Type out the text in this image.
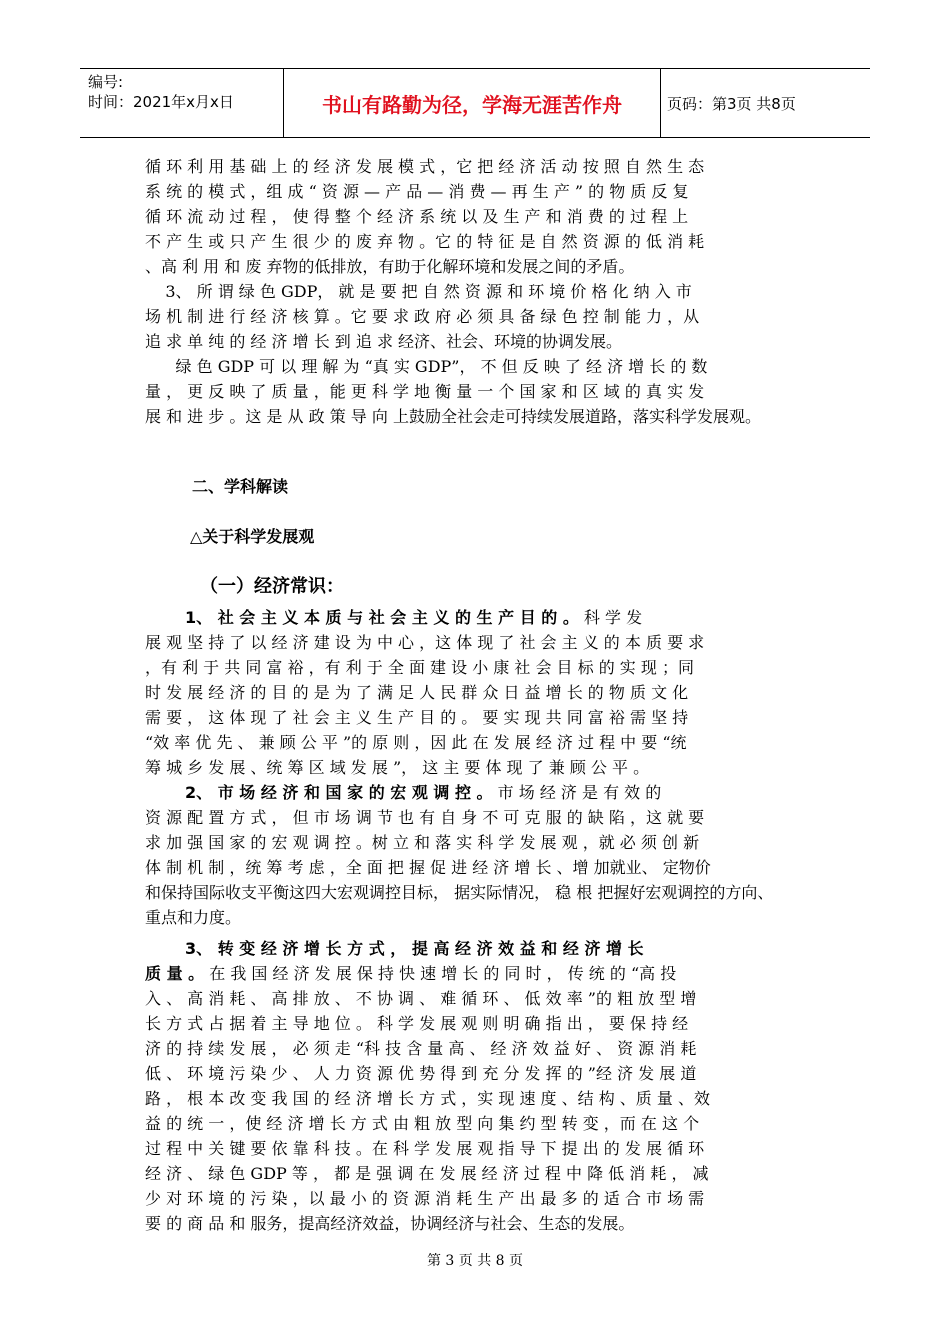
编号:
时间：2021年x月x日	书山有路勤为径，学海无涯苦作舟	页码：第3页 共8页
循 环 利 用 基 础 上 的 经 济 发 展 模 式 ，它 把 经 济 活 动 按 照 自 然 生 态
系 统 的 模 式 ，组 成 “ 资 源 — 产 品 — 消 费 — 再 生 产 ” 的 物 质 反 复
循 环 流 动 过 程 ， 使 得 整 个 经 济 系 统 以 及 生 产 和 消 费 的 过 程 上
不 产 生 或 只 产 生 很 少 的 废 弃 物 。它 的 特 征 是 自 然 资 源 的 低 消 耗
、高 利 用 和 废 弃物的低排放，有助于化解环境和发展之间的矛盾。
3、 所 谓 绿 色 GDP， 就 是 要 把 自 然 资 源 和 环 境 价 格 化 纳 入 市
场 机 制 进 行 经 济 核 算 。它 要 求 政 府 必 须 具 备 绿 色 控 制 能 力 ，从
追 求 单 纯 的 经 济 增 长 到 追 求 经济、社会、环境的协调发展。
绿 色 GDP 可 以 理 解 为 “真 实 GDP”， 不 但 反 映 了 经 济 增 长 的 数
量 ， 更 反 映 了 质 量 ，能 更 科 学 地 衡 量 一 个 国 家 和 区 域 的 真 实 发
展 和 进 步 。这 是 从 政 策 导 向 上鼓励全社会走可持续发展道路，落实科学发展观。
二、学科解读
△关于科学发展观
（一）经济常识：
1、 社 会 主 义 本 质 与 社 会 主 义 的 生 产 目 的 。 科 学 发
展 观 坚 持 了 以 经 济 建 设 为 中 心 ，这 体 现 了 社 会 主 义 的 本 质 要 求
，有 利 于 共 同 富 裕 ，有 利 于 全 面 建 设 小 康 社 会 目 标 的 实 现 ；同
时 发 展 经 济 的 目 的 是 为 了 满 足 人 民 群 众 日 益 增 长 的 物 质 文 化
需 要 ， 这 体 现 了 社 会 主 义 生 产 目 的 。 要 实 现 共 同 富 裕 需 坚 持
“效 率 优 先 、 兼 顾 公 平 ”的 原 则 ，因 此 在 发 展 经 济 过 程 中 要 “统
筹 城 乡 发 展 、统 筹 区 域 发 展 ”， 这 主 要 体 现 了 兼 顾 公 平 。
2、 市 场 经 济 和 国 家 的 宏 观 调 控 。 市 场 经 济 是 有 效 的
资 源 配 置 方 式 ， 但 市 场 调 节 也 有 自 身 不 可 克 服 的 缺 陷 ，这 就 要
求 加 强 国 家 的 宏 观 调 控 。树 立 和 落 实 科 学 发 展 观 ，就 必 须 创 新
体 制 机 制 ，统 筹 考 虑 ，全 面 把 握 促 进 经 济 增 长 、增 加就业、 定物价
和保持国际收支平衡这四大宏观调控目标， 据实际情况， 稳 根 把握好宏观调控的方向、
重点和力度。
3、 转 变 经 济 增 长 方 式 ， 提 高 经 济 效 益 和 经 济 增 长
质 量 。 在 我 国 经 济 发 展 保 持 快 速 增 长 的 同 时 ， 传 统 的 “高 投
入 、 高 消 耗 、 高 排 放 、 不 协 调 、 难 循 环 、 低 效 率 ”的 粗 放 型 增
长 方 式 占 据 着 主 导 地 位 。 科 学 发 展 观 则 明 确 指 出 ， 要 保 持 经
济 的 持 续 发 展 ， 必 须 走 “科 技 含 量 高 、 经 济 效 益 好 、 资 源 消 耗
低 、 环 境 污 染 少 、 人 力 资 源 优 势 得 到 充 分 发 挥 的 ”经 济 发 展 道
路 ， 根 本 改 变 我 国 的 经 济 增 长 方 式 ，实 现 速 度 、结 构 、质 量 、效
益 的 统 一 ，使 经 济 增 长 方 式 由 粗 放 型 向 集 约 型 转 变 ，而 在 这 个
过 程 中 关 键 要 依 靠 科 技 。在 科 学 发 展 观 指 导 下 提 出 的 发 展 循 环
经 济 、 绿 色 GDP 等 ， 都 是 强 调 在 发 展 经 济 过 程 中 降 低 消 耗 ， 减
少 对 环 境 的 污 染 ，以 最 小 的 资 源 消 耗 生 产 出 最 多 的 适 合 市 场 需
要 的 商 品 和 服务，提高经济效益，协调经济与社会、生态的发展。
第 3 页 共 8 页
